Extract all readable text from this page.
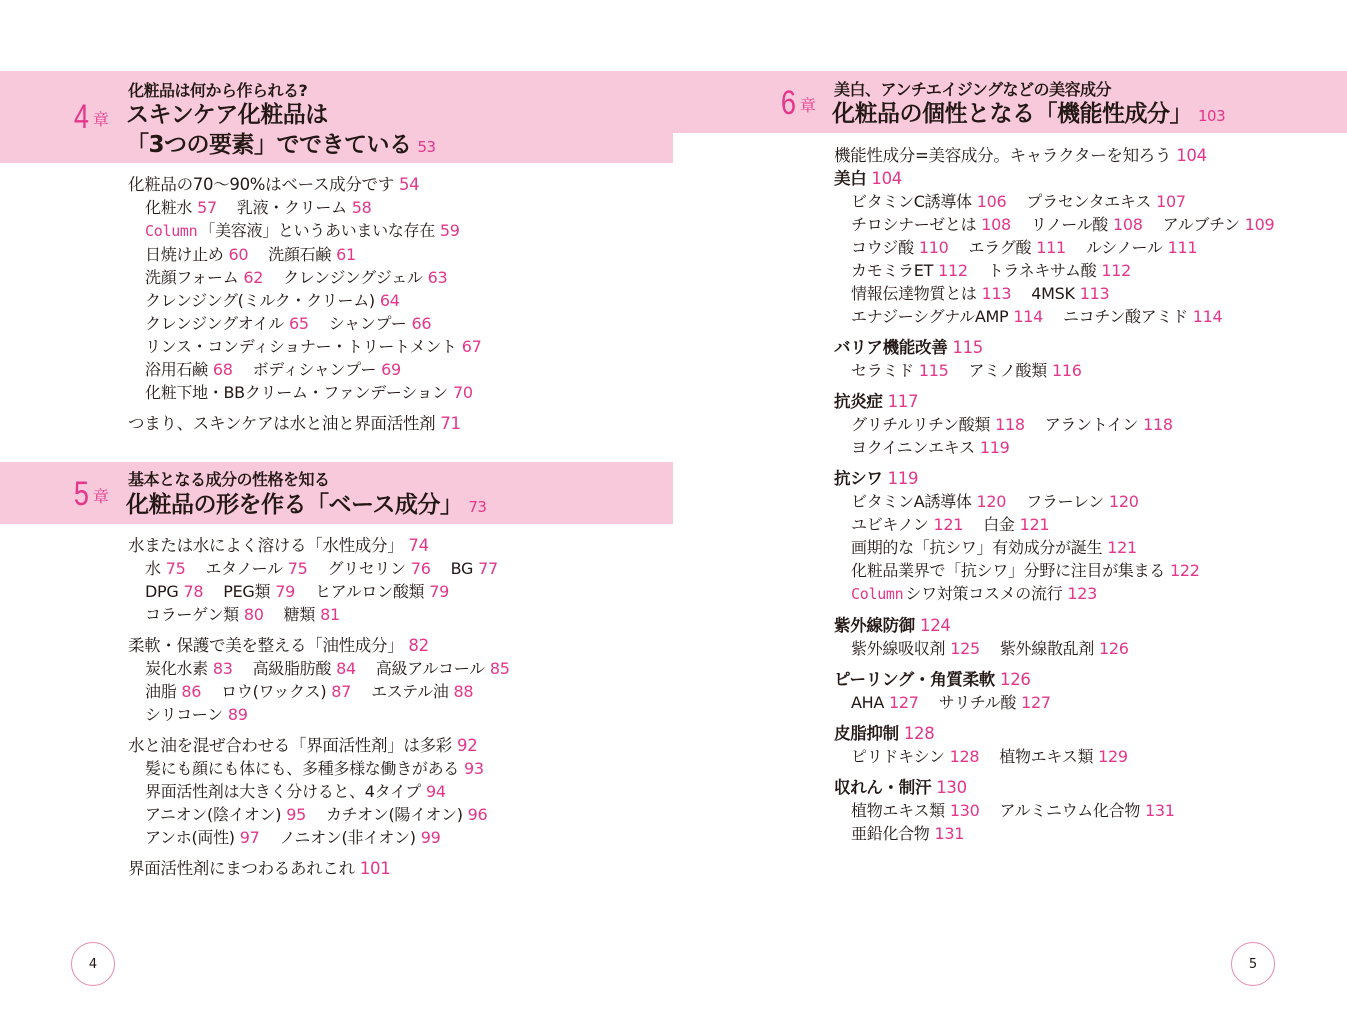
4 $^章$
化粧品は何から作られる?
スキンケア化粧品は
「3つの要素」でできている 53
化粧品の70〜90%はベース成分です 54
化粧水 57 乳液・クリーム 58
Column 「美容液」というあいまいな存在 59
日焼け止め 60 洗顔石鹸 61
洗顔フォーム 62 クレンジングジェル 63
クレンジング(ミルク・クリーム) 64
クレンジングオイル 65 シャンプー 66
リンス・コンディショナー・トリートメント 67
浴用石鹸 68 ボディシャンプー 69
化粧下地・BBクリーム・ファンデーション 70
つまり、スキンケアは水と油と界面活性剤 71
5 $^章$
基本となる成分の性格を知る
化粧品の形を作る「ベース成分」 73
水または水によく溶ける「水性成分」 74
水 75 エタノール 75 グリセリン 76 BG 77
DPG 78 PEG類 79 ヒアルロン酸類 79
コラーゲン類 80 糖類 81
柔軟・保護で美を整える「油性成分」 82
炭化水素 83 高級脂肪酸 84 高級アルコール 85
油脂 86 ロウ(ワックス) 87 エステル油 88
シリコーン 89
水と油を混ぜ合わせる「界面活性剤」は多彩 92
髪にも顔にも体にも、多種多様な働きがある 93
界面活性剤は大きく分けると、4タイプ 94
アニオン(陰イオン) 95 カチオン(陽イオン) 96
アンホ(両性) 97 ノニオン(非イオン) 99
界面活性剤にまつわるあれこれ 101
6 $^章$
美白、アンチエイジングなどの美容成分
化粧品の個性となる「機能性成分」 103
機能性成分=美容成分。キャラクターを知ろう 104
美白 104
ビタミンC誘導体 106 プラセンタエキス 107
チロシナーゼとは 108 リノール酸 108 アルブチン 109
コウジ酸 110 エラグ酸 111 ルシノール 111
カモミラET 112 トラネキサム酸 112
情報伝達物質とは 113 4MSK 113
エナジーシグナルAMP 114 ニコチン酸アミド 114
バリア機能改善 115
セラミド 115 アミノ酸類 116
抗炎症 117
グリチルリチン酸類 118 アラントイン 118
ヨクイニンエキス 119
抗シワ 119
ビタミンA誘導体 120 フラーレン 120
ユビキノン 121 白金 121
画期的な「抗シワ」有効成分が誕生 121
化粧品業界で「抗シワ」分野に注目が集まる 122
Column シワ対策コスメの流行 123
紫外線防御 124
紫外線吸収剤 125 紫外線散乱剤 126
ピーリング・角質柔軟 126
AHA 127 サリチル酸 127
皮脂抑制 128
ピリドキシン 128 植物エキス類 129
収れん・制汗 130
植物エキス類 130 アルミニウム化合物 131
亜鉛化合物 131
4	5
